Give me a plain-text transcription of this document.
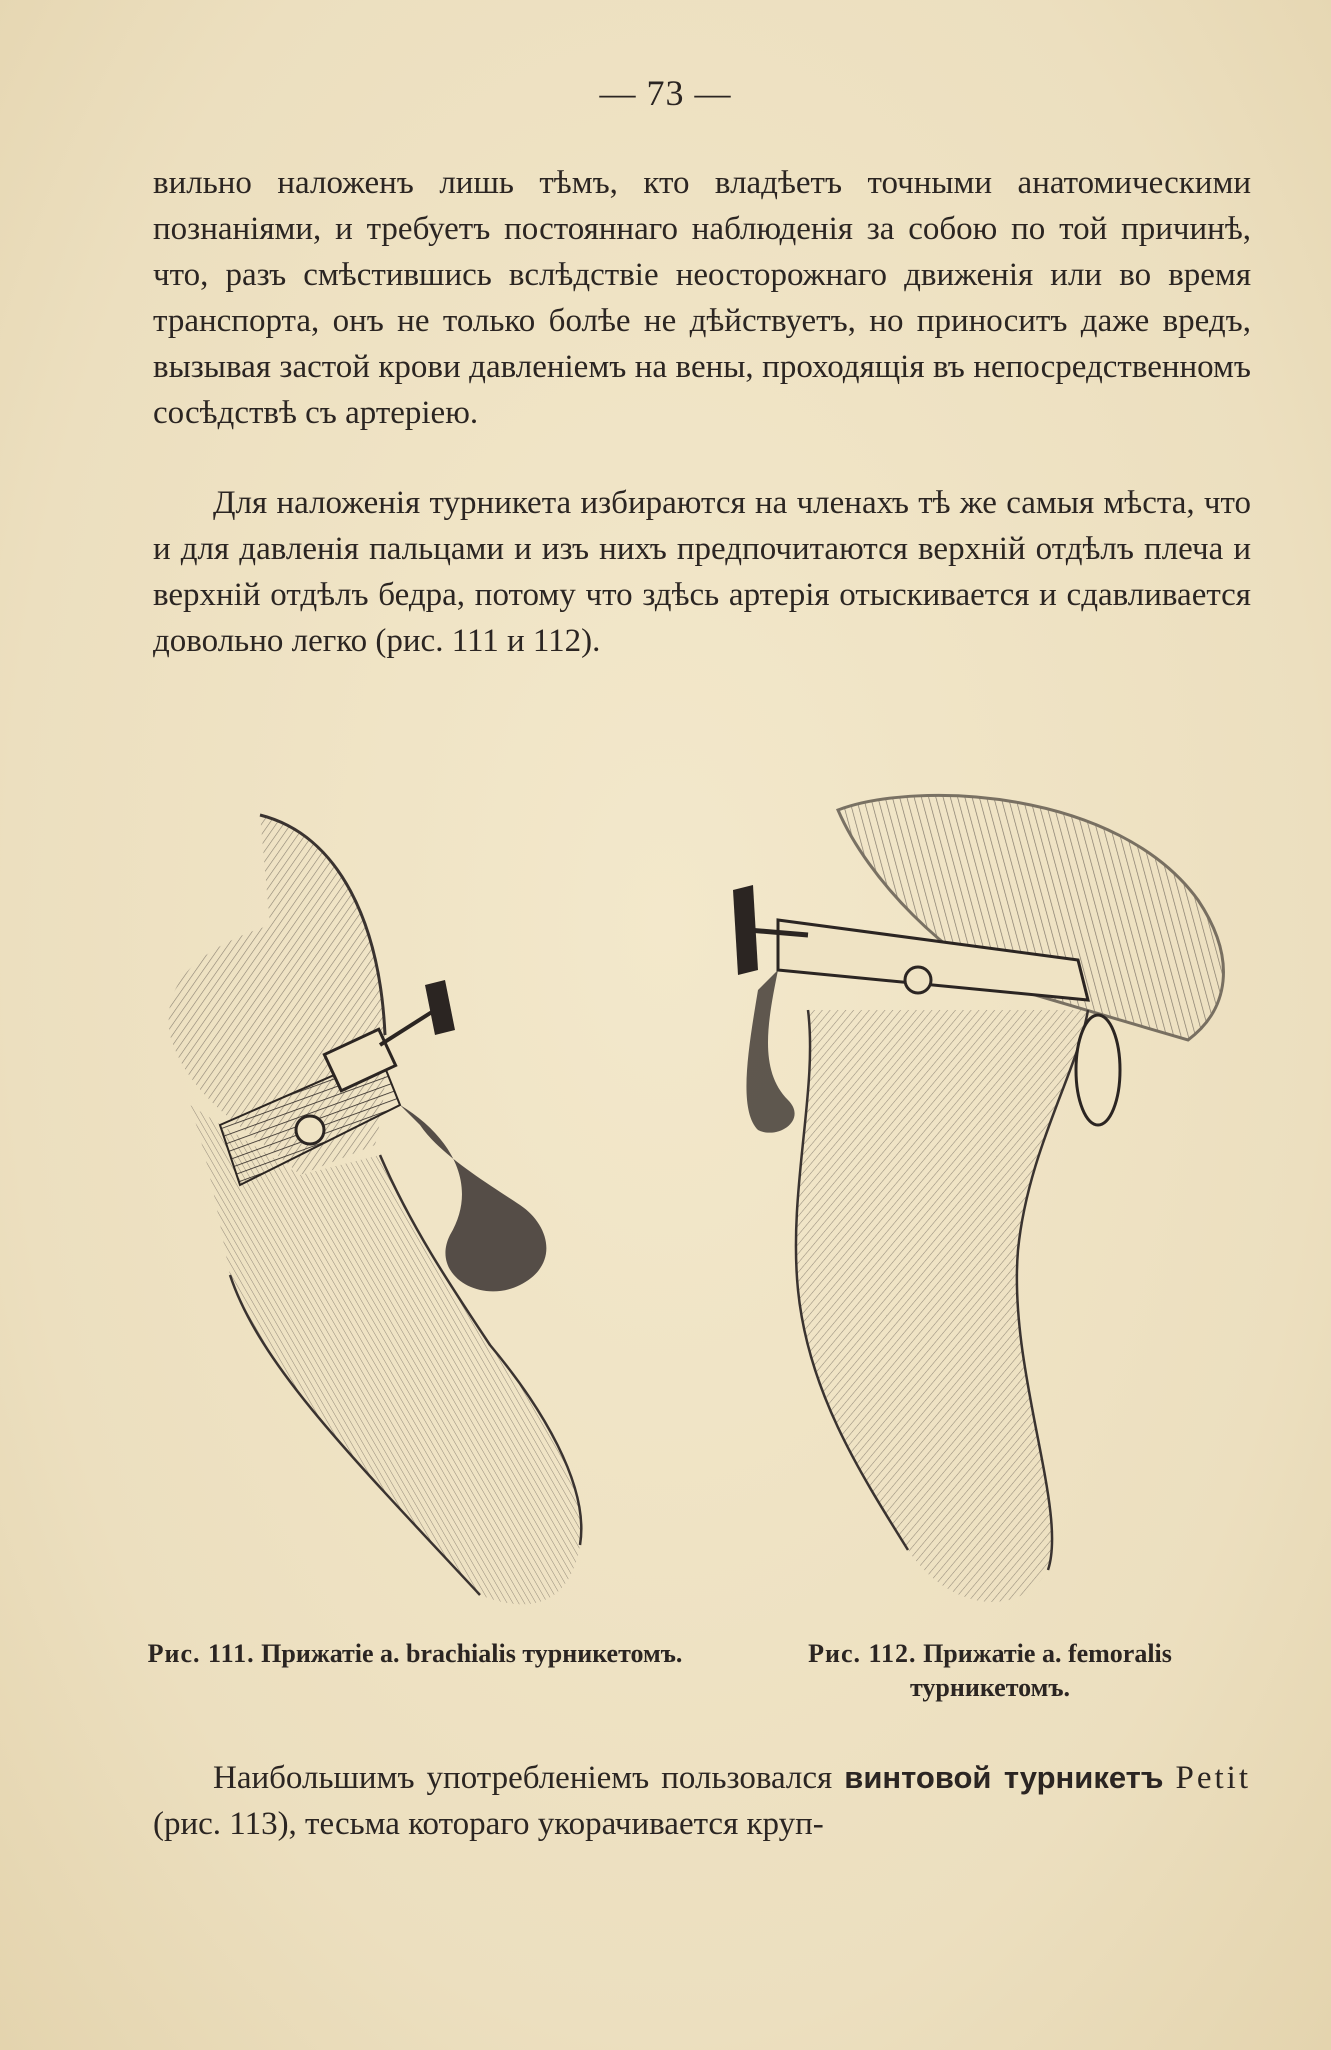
— 73 —

вильно наложенъ лишь тѣмъ, кто владѣетъ точными анатомическими познаніями, и требуетъ постояннаго наблюденія за собою по той причинѣ, что, разъ смѣстившись вслѣдствіе неосторожнаго движенія или во время транспорта, онъ не только болѣе не дѣйствуетъ, но приноситъ даже вредъ, вызывая застой крови давленіемъ на вены, проходящія въ непосредственномъ сосѣдствѣ съ артеріею.

Для наложенія турникета избираются на членахъ тѣ же самыя мѣста, что и для давленія пальцами и изъ нихъ предпочитаются верхній отдѣлъ плеча и верхній отдѣлъ бедра, потому что здѣсь артерія отыскивается и сдавливается довольно легко (рис. 111 и 112).

Рис. 111. Прижатіе a. brachialis турникетомъ.	Рис. 112. Прижатіе a. femoralis турникетомъ.

Наибольшимъ употребленіемъ пользовался винтовой турникетъ Petit (рис. 113), тесьма котораго укорачивается круп-
